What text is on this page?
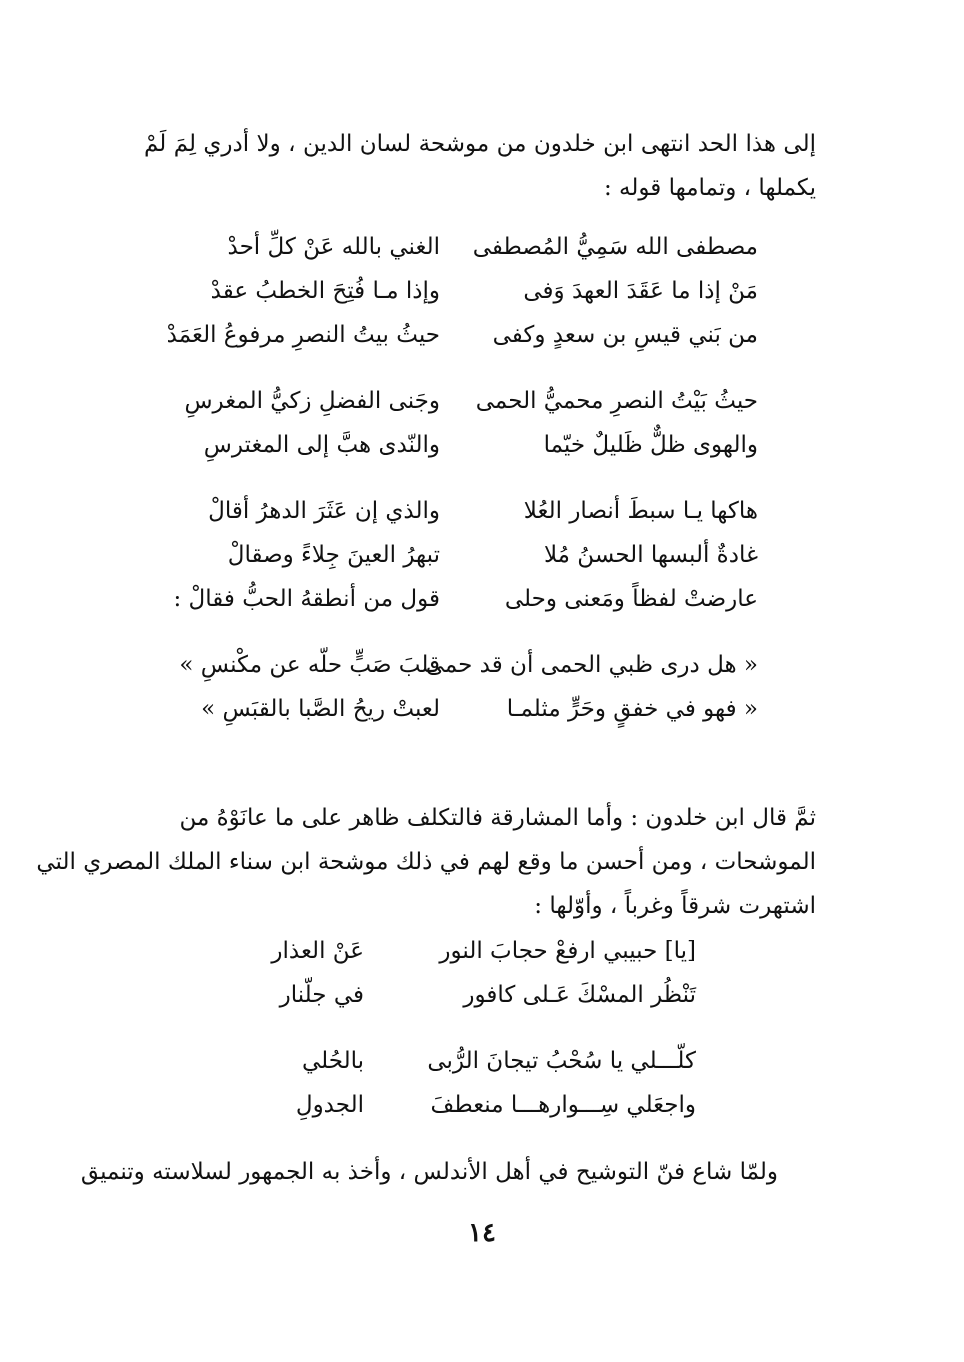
إلى هذا الحد انتهى ابن خلدون من موشحة لسان الدين ، ولا أدري لِمَ لَمْ
يكملها ، وتمامها قوله :
مصطفى الله سَمِيُّ المُصطفى
الغني بالله عَنْ كلِّ أحدْ
مَنْ إذا ما عَقَدَ العهدَ وَفى
وإذا مـا فُتِحَ الخطبُ عقدْ
من بَني قيسِ بن سعدٍ وكفى
حيثُ بيتُ النصرِ مرفوعُ العَمَدْ
حيثُ بَيْتُ النصرِ محميُّ الحمى
وجَنى الفضلِ زكيُّ المغرسِ
والهوى ظلٌّ ظَليلٌ خيّما
والنّدى هبَّ إلى المغترسِ
هاكها يـا سبطَ أنصار العُلا
والذي إن عَثَرَ الدهرُ أقالْ
غادةٌ ألبسها الحسنُ مُلا
تبهرُ العينَ جِلاءً وصقالْ
عارضتْ لفظاً ومَعنى وحلى
قول من أنطقهُ الحبُّ فقالْ :
« هل درى ظبي الحمى أن قد حمى
قلبَ صَبٍّ حلّه عن مكْنسِ »
« فهو في خفقٍ وحَرٍّ مثلمـا
لعبتْ ريحُ الصَّبا بالقبَسِ »
ثمَّ قال ابن خلدون : وأما المشارقة فالتكلف ظاهر على ما عانَوْهُ من
الموشحات ، ومن أحسن ما وقع لهم في ذلك موشحة ابن سناء الملك المصري التي
اشتهرت شرقاً وغرباً ، وأوّلها :
[يا] حبيبي ارفعْ حجابَ النور
عَنْ العذار
تَنْظُر المسْكَ عَـلى كافور
في جلّنار
كلّـــلي يا سُحْبُ تيجانَ الرُّبى
بالحُلي
واجعَلي سِـــوارهـــا منعطفَ
الجدولِ
ولمّا شاع فنّ التوشيح في أهل الأندلس ، وأخذ به الجمهور لسلاسته وتنميق
١٤
